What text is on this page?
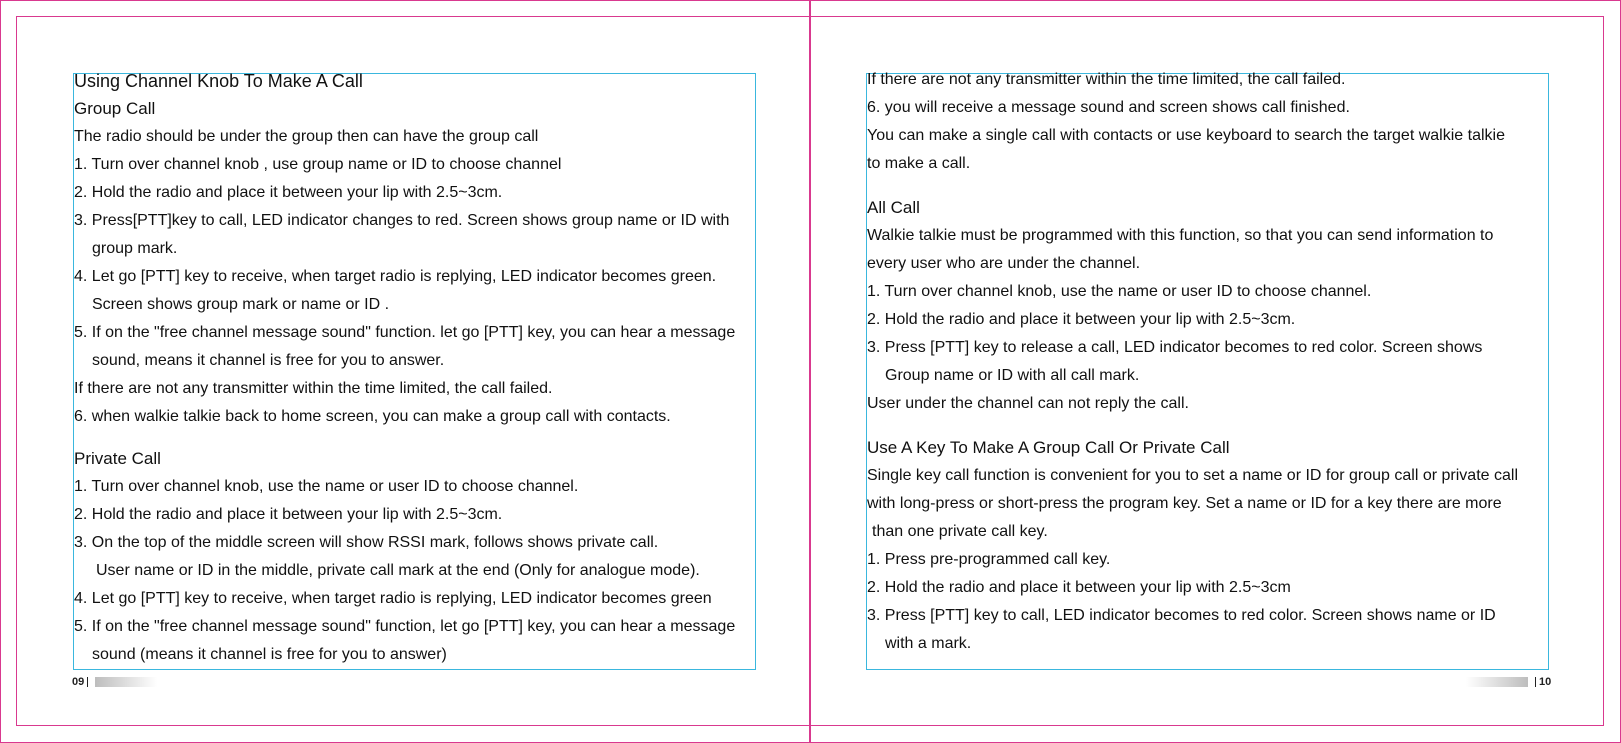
Using Channel Knob To Make A Call

Group Call

The radio should be under the group then can have the group call

1. Turn over channel knob , use group name or ID to choose channel

2. Hold the radio and place it between your lip with 2.5~3cm.

3. Press[PTT]key to call, LED indicator changes to red. Screen shows group name or ID with

group mark.

4. Let go [PTT] key to receive, when target radio is replying, LED indicator becomes green.

Screen shows group mark or name or ID .

5. If on the "free channel message sound" function. let go [PTT] key, you can hear a message

sound, means it channel is free for you to answer.

If there are not any transmitter within the time limited, the call failed.

6. when walkie talkie back to home screen, you can make a group call with contacts.

Private Call

1. Turn over channel knob, use the name or user ID to choose channel.

2. Hold the radio and place it between your lip with 2.5~3cm.

3. On the top of the middle screen will show RSSI mark, follows shows private call.

User name or ID in the middle, private call mark at the end (Only for analogue mode).

4. Let go [PTT] key to receive, when target radio is replying, LED indicator becomes green

5. If on the "free channel message sound" function, let go [PTT] key, you can hear a message

sound (means it channel is free for you to answer)

If there are not any transmitter within the time limited, the call failed.

6. you will receive a message sound and screen shows call finished.

You can make a single call with contacts or use keyboard to search the target walkie talkie

to make a call.

All Call

Walkie talkie must be programmed with this function, so that you can send information to

every user who are under the channel.

1. Turn over channel knob, use the name or user ID to choose channel.

2. Hold the radio and place it between your lip with 2.5~3cm.

3. Press [PTT] key to release a call, LED indicator becomes to red color. Screen shows

Group name or ID with all call mark.

User under the channel can not reply the call.

Use A Key To Make A Group Call Or Private Call

Single key call function is convenient for you to set a name or ID for group call or private call

with long-press or short-press the program key. Set a name or ID for a key there are more

than one private call key.

1. Press pre-programmed call key.

2. Hold the radio and place it between your lip with 2.5~3cm

3. Press [PTT] key to call, LED indicator becomes to red color. Screen shows name or ID

with a mark.

09	10
